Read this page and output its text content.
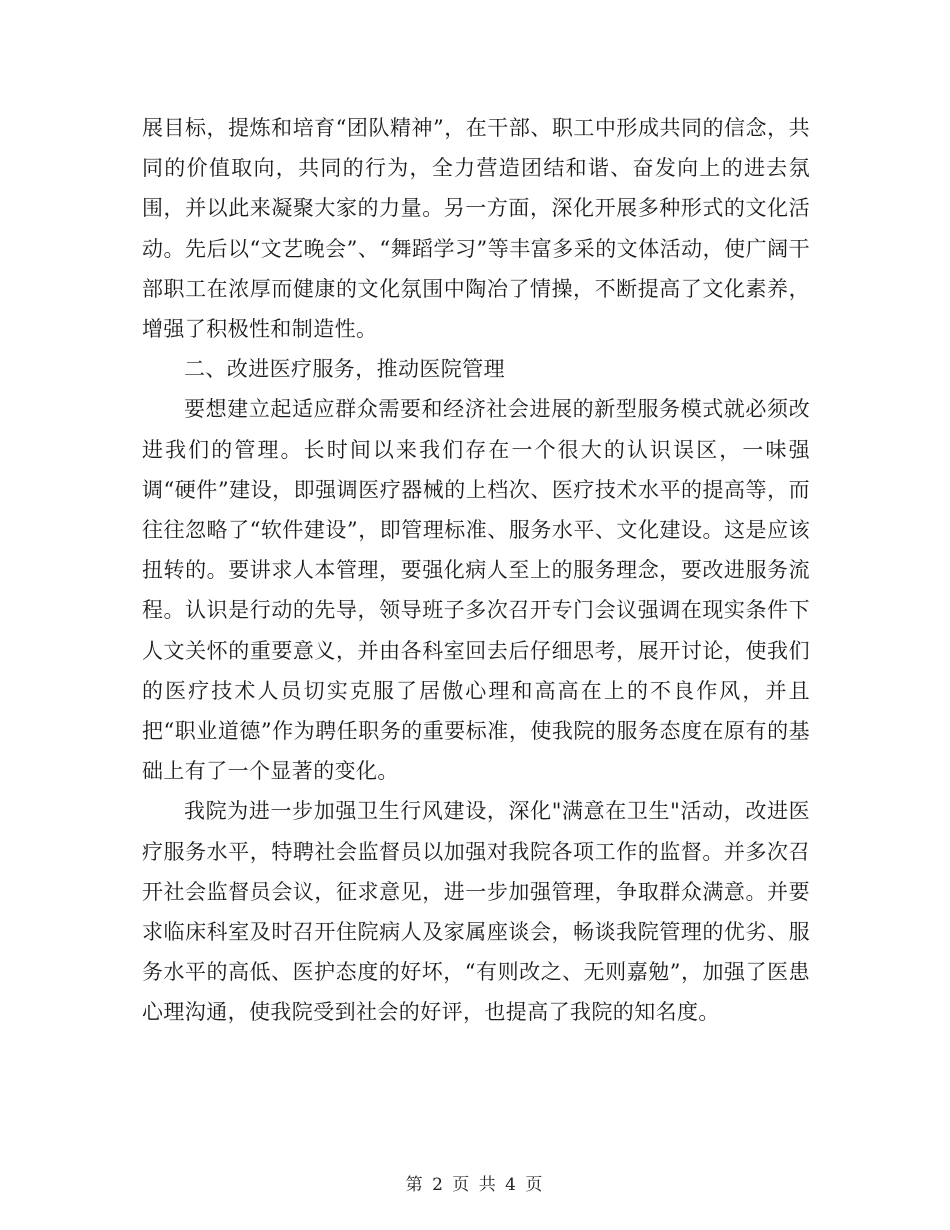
展目标，提炼和培育“团队精神”，在干部、职工中形成共同的信念，共同的价值取向，共同的行为，全力营造团结和谐、奋发向上的进去氛围，并以此来凝聚大家的力量。另一方面，深化开展多种形式的文化活动。先后以“文艺晚会”、“舞蹈学习”等丰富多采的文体活动，使广阔干部职工在浓厚而健康的文化氛围中陶冶了情操，不断提高了文化素养，增强了积极性和制造性。

二、改进医疗服务，推动医院管理

要想建立起适应群众需要和经济社会进展的新型服务模式就必须改进我们的管理。长时间以来我们存在一个很大的认识误区，一味强调“硬件”建设，即强调医疗器械的上档次、医疗技术水平的提高等，而往往忽略了“软件建设”，即管理标准、服务水平、文化建设。这是应该扭转的。要讲求人本管理，要强化病人至上的服务理念，要改进服务流程。认识是行动的先导，领导班子多次召开专门会议强调在现实条件下人文关怀的重要意义，并由各科室回去后仔细思考，展开讨论，使我们的医疗技术人员切实克服了居傲心理和高高在上的不良作风，并且把“职业道德”作为聘任职务的重要标准，使我院的服务态度在原有的基础上有了一个显著的变化。

我院为进一步加强卫生行风建设，深化"满意在卫生"活动，改进医疗服务水平，特聘社会监督员以加强对我院各项工作的监督。并多次召开社会监督员会议，征求意见，进一步加强管理，争取群众满意。并要求临床科室及时召开住院病人及家属座谈会，畅谈我院管理的优劣、服务水平的高低、医护态度的好坏，“有则改之、无则嘉勉”，加强了医患心理沟通，使我院受到社会的好评，也提高了我院的知名度。

第 2 页 共 4 页
